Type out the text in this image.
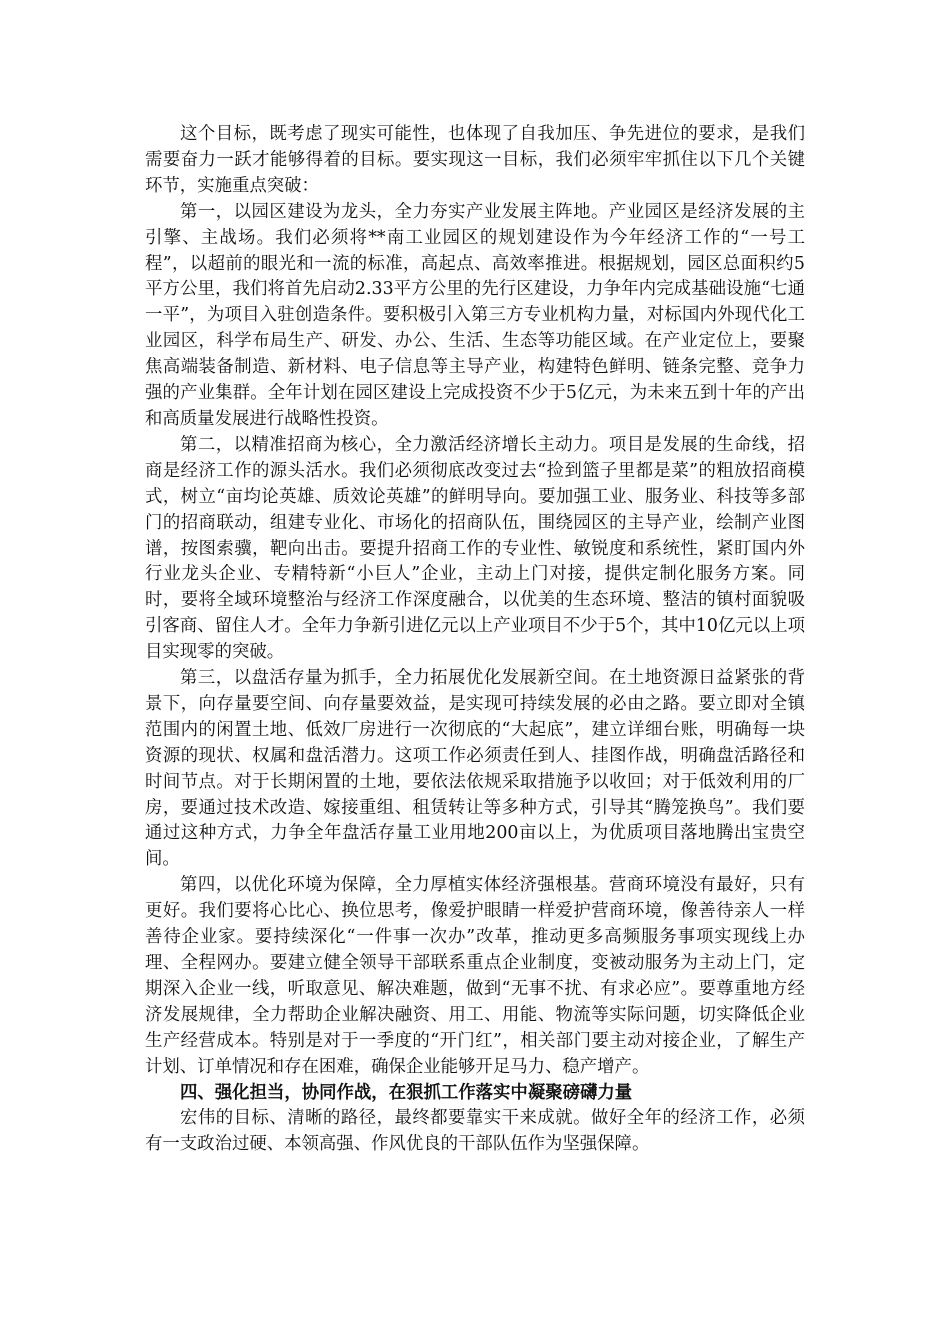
这个目标，既考虑了现实可能性，也体现了自我加压、争先进位的要求，是我们需要奋力一跃才能够得着的目标。要实现这一目标，我们必须牢牢抓住以下几个关键环节，实施重点突破：

第一，以园区建设为龙头，全力夯实产业发展主阵地。产业园区是经济发展的主引擎、主战场。我们必须将**南工业园区的规划建设作为今年经济工作的“一号工程”，以超前的眼光和一流的标准，高起点、高效率推进。根据规划，园区总面积约5平方公里，我们将首先启动2.33平方公里的先行区建设，力争年内完成基础设施“七通一平”，为项目入驻创造条件。要积极引入第三方专业机构力量，对标国内外现代化工业园区，科学布局生产、研发、办公、生活、生态等功能区域。在产业定位上，要聚焦高端装备制造、新材料、电子信息等主导产业，构建特色鲜明、链条完整、竞争力强的产业集群。全年计划在园区建设上完成投资不少于5亿元，为未来五到十年的产出和高质量发展进行战略性投资。

第二，以精准招商为核心，全力激活经济增长主动力。项目是发展的生命线，招商是经济工作的源头活水。我们必须彻底改变过去“捡到篮子里都是菜”的粗放招商模式，树立“亩均论英雄、质效论英雄”的鲜明导向。要加强工业、服务业、科技等多部门的招商联动，组建专业化、市场化的招商队伍，围绕园区的主导产业，绘制产业图谱，按图索骥，靶向出击。要提升招商工作的专业性、敏锐度和系统性，紧盯国内外行业龙头企业、专精特新“小巨人”企业，主动上门对接，提供定制化服务方案。同时，要将全域环境整治与经济工作深度融合，以优美的生态环境、整洁的镇村面貌吸引客商、留住人才。全年力争新引进亿元以上产业项目不少于5个，其中10亿元以上项目实现零的突破。

第三，以盘活存量为抓手，全力拓展优化发展新空间。在土地资源日益紧张的背景下，向存量要空间、向存量要效益，是实现可持续发展的必由之路。要立即对全镇范围内的闲置土地、低效厂房进行一次彻底的“大起底”，建立详细台账，明确每一块资源的现状、权属和盘活潜力。这项工作必须责任到人、挂图作战，明确盘活路径和时间节点。对于长期闲置的土地，要依法依规采取措施予以收回；对于低效利用的厂房，要通过技术改造、嫁接重组、租赁转让等多种方式，引导其“腾笼换鸟”。我们要通过这种方式，力争全年盘活存量工业用地200亩以上，为优质项目落地腾出宝贵空间。

第四，以优化环境为保障，全力厚植实体经济强根基。营商环境没有最好，只有更好。我们要将心比心、换位思考，像爱护眼睛一样爱护营商环境，像善待亲人一样善待企业家。要持续深化“一件事一次办”改革，推动更多高频服务事项实现线上办理、全程网办。要建立健全领导干部联系重点企业制度，变被动服务为主动上门，定期深入企业一线，听取意见、解决难题，做到“无事不扰、有求必应”。要尊重地方经济发展规律，全力帮助企业解决融资、用工、用能、物流等实际问题，切实降低企业生产经营成本。特别是对于一季度的“开门红”，相关部门要主动对接企业，了解生产计划、订单情况和存在困难，确保企业能够开足马力、稳产增产。

四、强化担当，协同作战，在狠抓工作落实中凝聚磅礴力量

宏伟的目标、清晰的路径，最终都要靠实干来成就。做好全年的经济工作，必须有一支政治过硬、本领高强、作风优良的干部队伍作为坚强保障。
